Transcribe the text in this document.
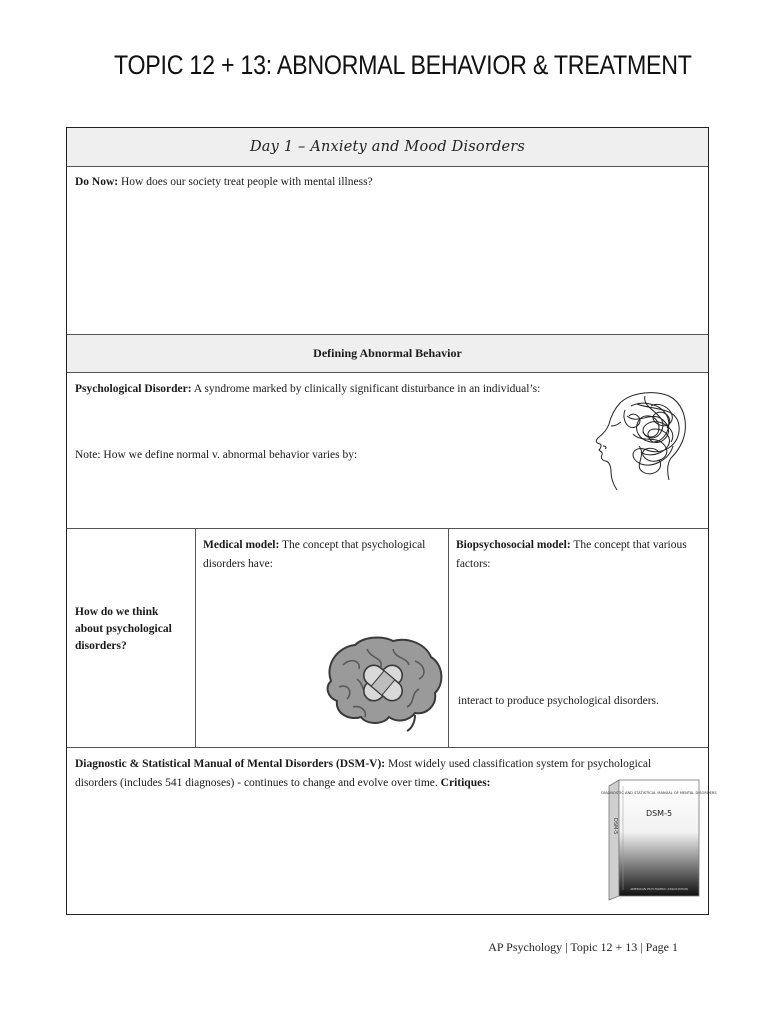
TOPIC 12 + 13: ABNORMAL BEHAVIOR & TREATMENT
Day 1 – Anxiety and Mood Disorders
Do Now: How does our society treat people with mental illness?
Defining Abnormal Behavior
Psychological Disorder: A syndrome marked by clinically significant disturbance in an individual’s:
Note: How we define normal v. abnormal behavior varies by:
How do we think about psychological disorders?
Medical model: The concept that psychological disorders have:
Biopsychosocial model: The concept that various factors:
interact to produce psychological disorders.
Diagnostic & Statistical Manual of Mental Disorders (DSM-V): Most widely used classification system for psychological disorders (includes 541 diagnoses) - continues to change and evolve over time. Critiques:
DSM-5
DIAGNOSTIC AND STATISTICAL MANUAL OF MENTAL DISORDERS
DSM-5
AMERICAN PSYCHIATRIC ASSOCIATION
AP Psychology | Topic 12 + 13 | Page 1
